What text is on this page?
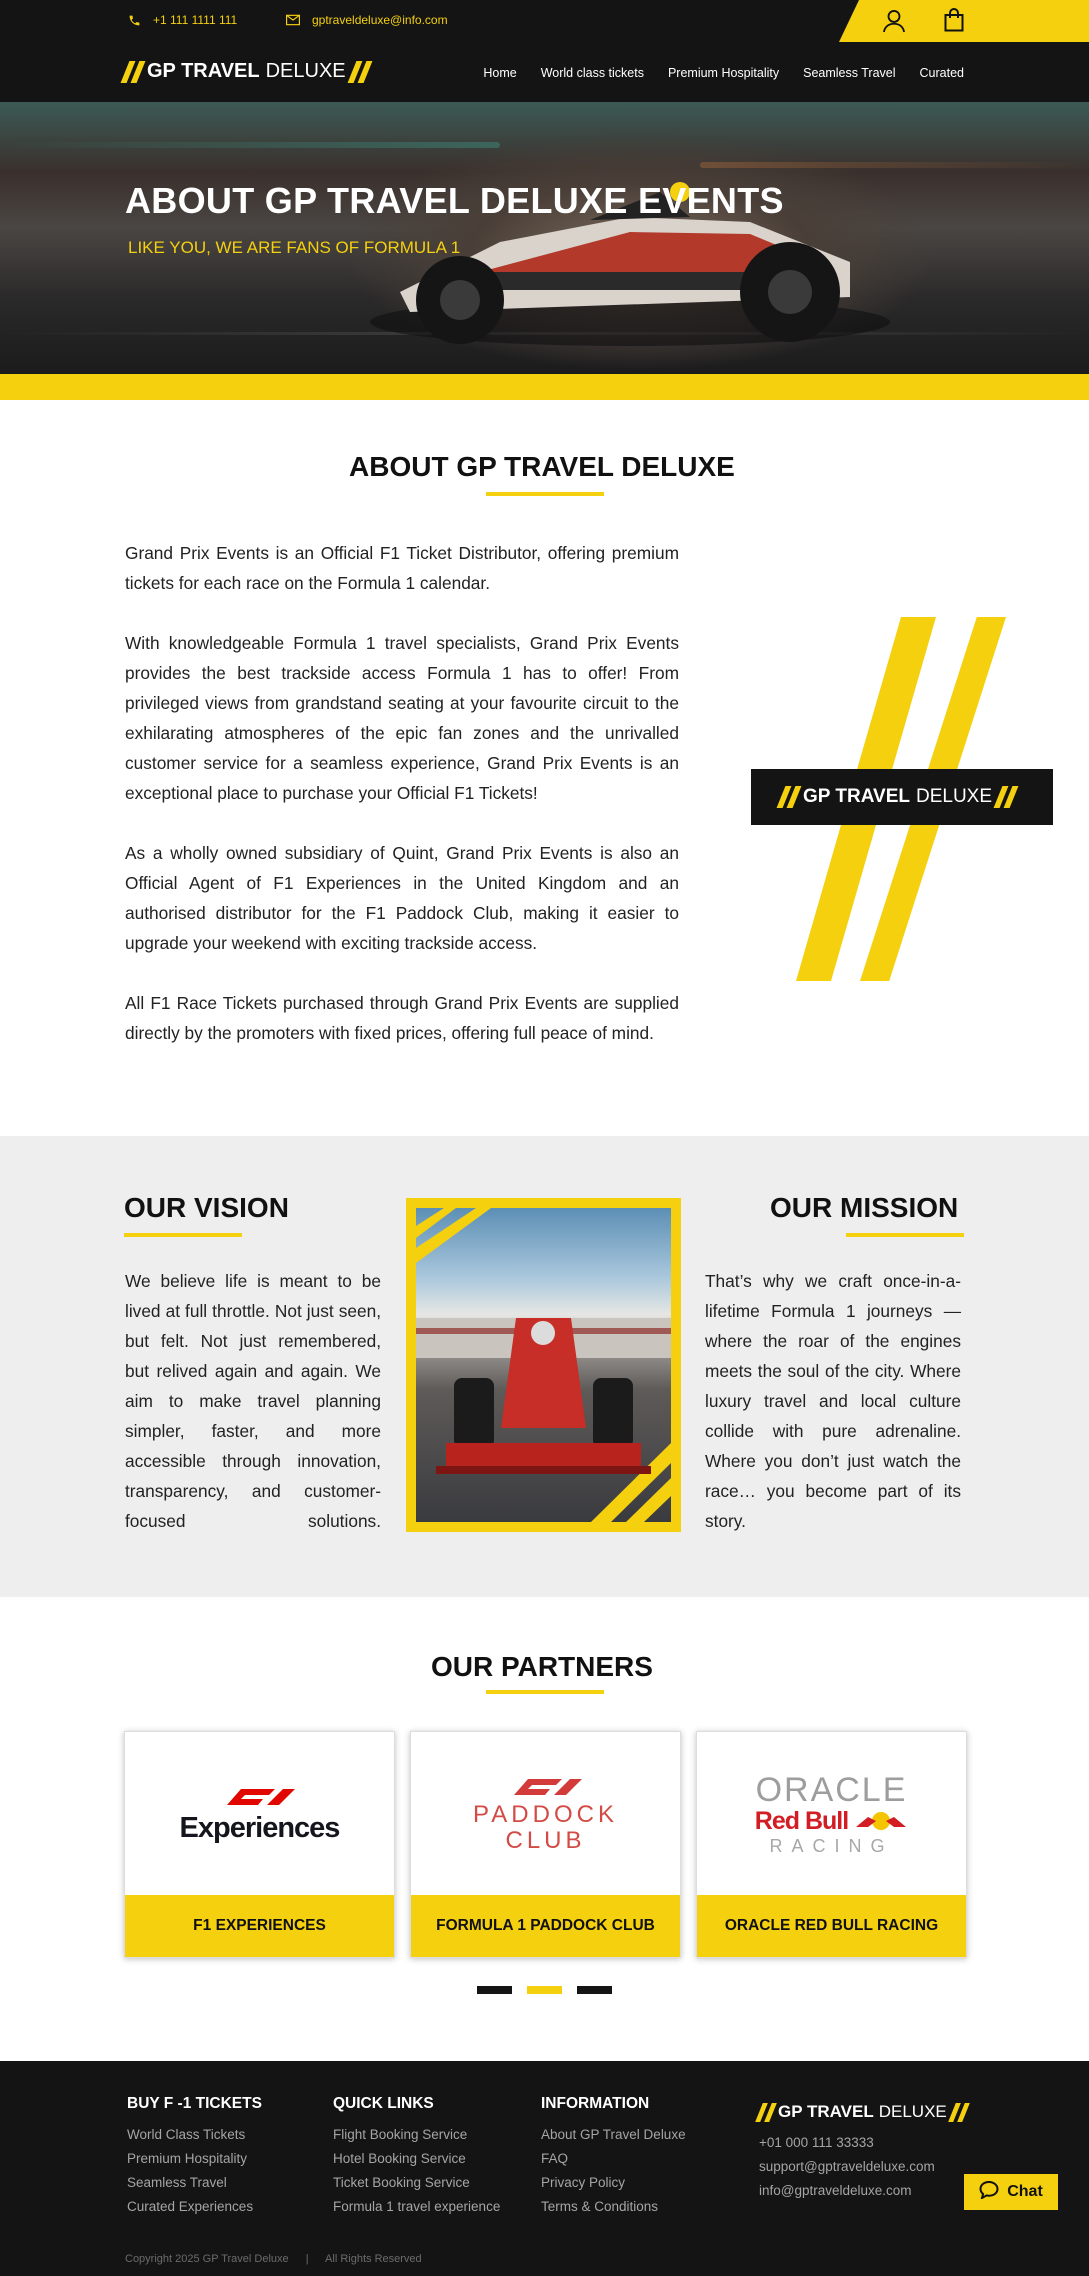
+1 111 1111 111	gptraveldeluxe@info.com
GP TRAVEL DELUXE	Home World class tickets Premium Hospitality Seamless Travel Curated
ABOUT GP TRAVEL DELUXE EVENTS
LIKE YOU, WE ARE FANS OF FORMULA 1
ABOUT GP TRAVEL DELUXE

Grand Prix Events is an Official F1 Ticket Distributor, offering premium tickets for each race on the Formula 1 calendar.

With knowledgeable Formula 1 travel specialists, Grand Prix Events provides the best trackside access Formula 1 has to offer! From privileged views from grandstand seating at your favourite circuit to the exhilarating atmospheres of the epic fan zones and the unrivalled customer service for a seamless experience, Grand Prix Events is an exceptional place to purchase your Official F1 Tickets!

As a wholly owned subsidiary of Quint, Grand Prix Events is also an Official Agent of F1 Experiences in the United Kingdom and an authorised distributor for the F1 Paddock Club, making it easier to upgrade your weekend with exciting trackside access.

All F1 Race Tickets purchased through Grand Prix Events are supplied directly by the promoters with fixed prices, offering full peace of mind.

GP TRAVEL DELUXE
OUR VISION
We believe life is meant to be lived at full throttle. Not just seen, but felt. Not just remembered, but relived again and again. We aim to make travel planning simpler, faster, and more accessible through innovation, transparency, and customer-focused solutions.
OUR MISSION
That’s why we craft once-in-a-lifetime Formula 1 journeys — where the roar of the engines meets the soul of the city. Where luxury travel and local culture collide with pure adrenaline. Where you don’t just watch the race… you become part of its story.
OUR PARTNERS
Experiences
F1 EXPERIENCES
PADDOCK
CLUB
FORMULA 1 PADDOCK CLUB
ORACLE
Red Bull
RACING
ORACLE RED BULL RACING
BUY F -1 TICKETS
World Class Tickets
Premium Hospitality
Seamless Travel
Curated Experiences
QUICK LINKS
Flight Booking Service
Hotel Booking Service
Ticket Booking Service
Formula 1 travel experience
INFORMATION
About GP Travel Deluxe
FAQ
Privacy Policy
Terms & Conditions
GP TRAVEL DELUXE
+01 000 111 33333
support@gptraveldeluxe.com
info@gptraveldeluxe.com
Copyright 2025 GP Travel Deluxe | All Rights Reserved
Chat
